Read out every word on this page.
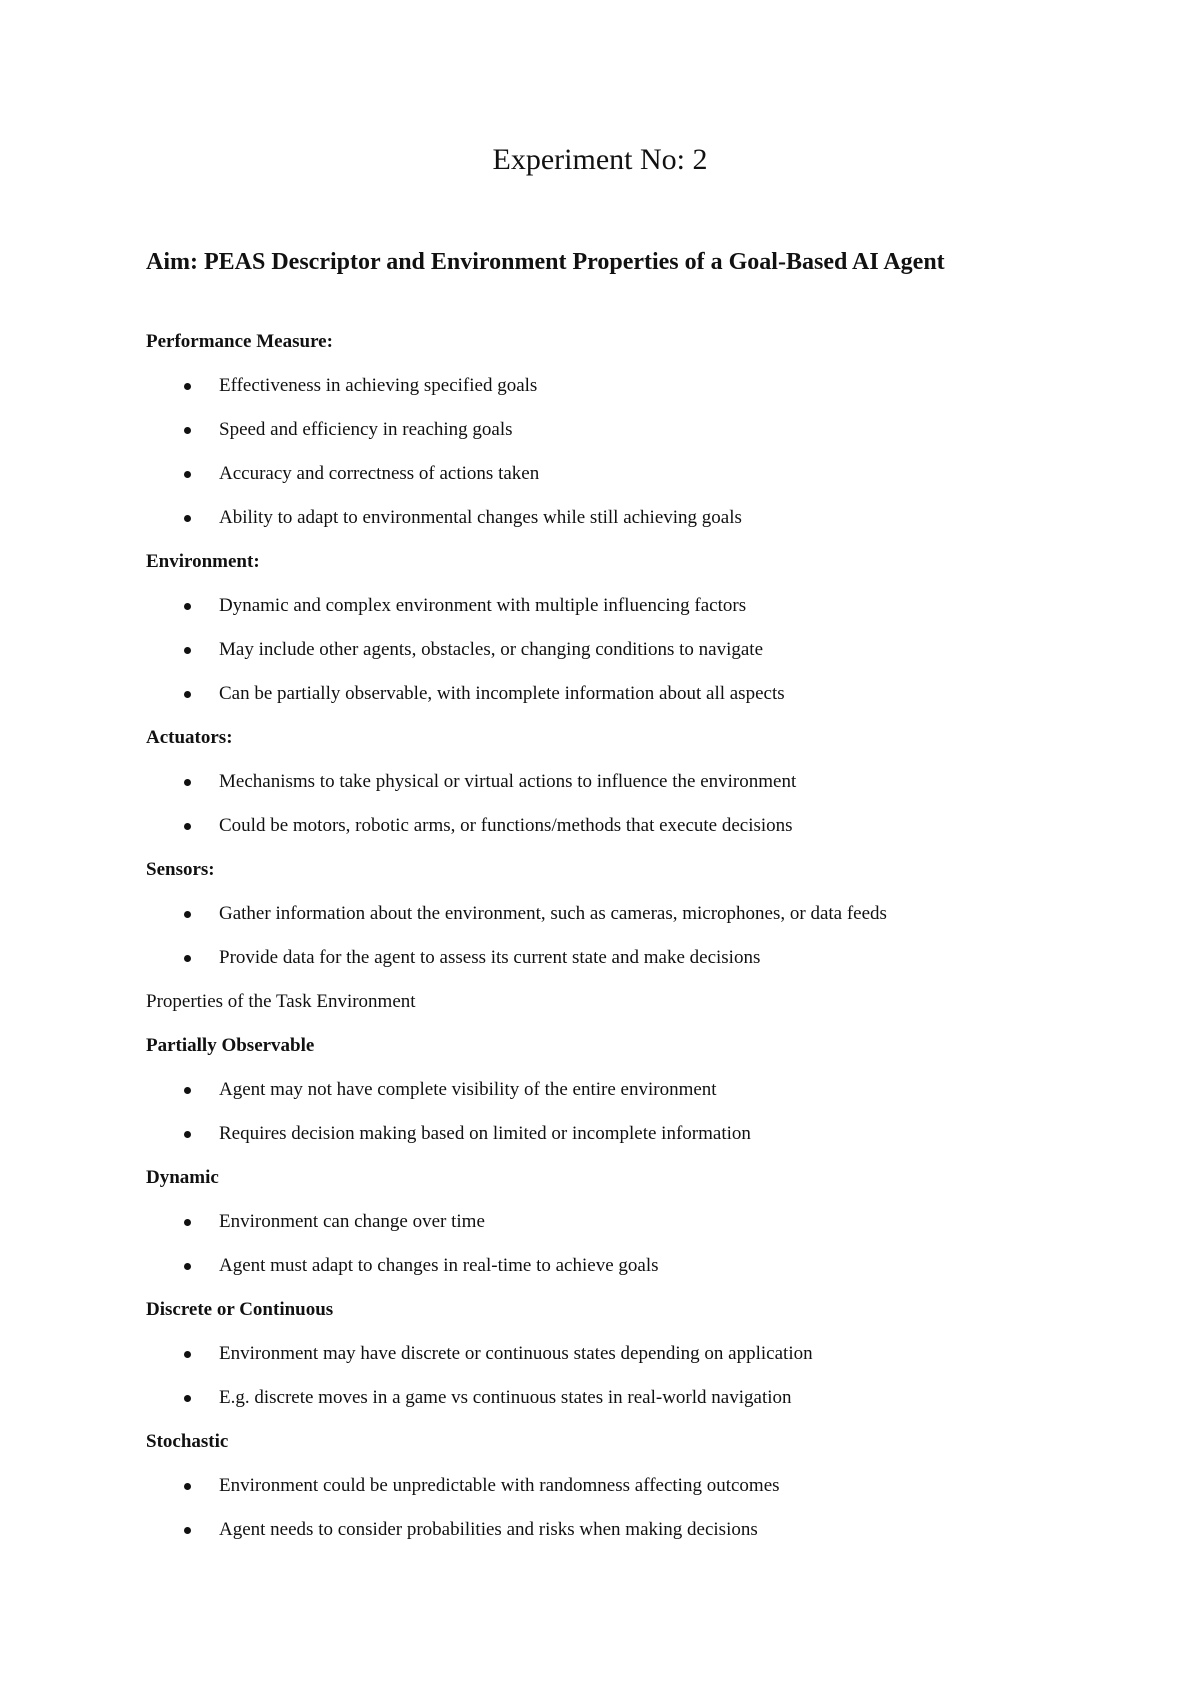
Experiment No: 2
Aim: PEAS Descriptor and Environment Properties of a Goal-Based AI Agent
Performance Measure:
Effectiveness in achieving specified goals
Speed and efficiency in reaching goals
Accuracy and correctness of actions taken
Ability to adapt to environmental changes while still achieving goals
Environment:
Dynamic and complex environment with multiple influencing factors
May include other agents, obstacles, or changing conditions to navigate
Can be partially observable, with incomplete information about all aspects
Actuators:
Mechanisms to take physical or virtual actions to influence the environment
Could be motors, robotic arms, or functions/methods that execute decisions
Sensors:
Gather information about the environment, such as cameras, microphones, or data feeds
Provide data for the agent to assess its current state and make decisions
Properties of the Task Environment
Partially Observable
Agent may not have complete visibility of the entire environment
Requires decision making based on limited or incomplete information
Dynamic
Environment can change over time
Agent must adapt to changes in real-time to achieve goals
Discrete or Continuous
Environment may have discrete or continuous states depending on application
E.g. discrete moves in a game vs continuous states in real-world navigation
Stochastic
Environment could be unpredictable with randomness affecting outcomes
Agent needs to consider probabilities and risks when making decisions
